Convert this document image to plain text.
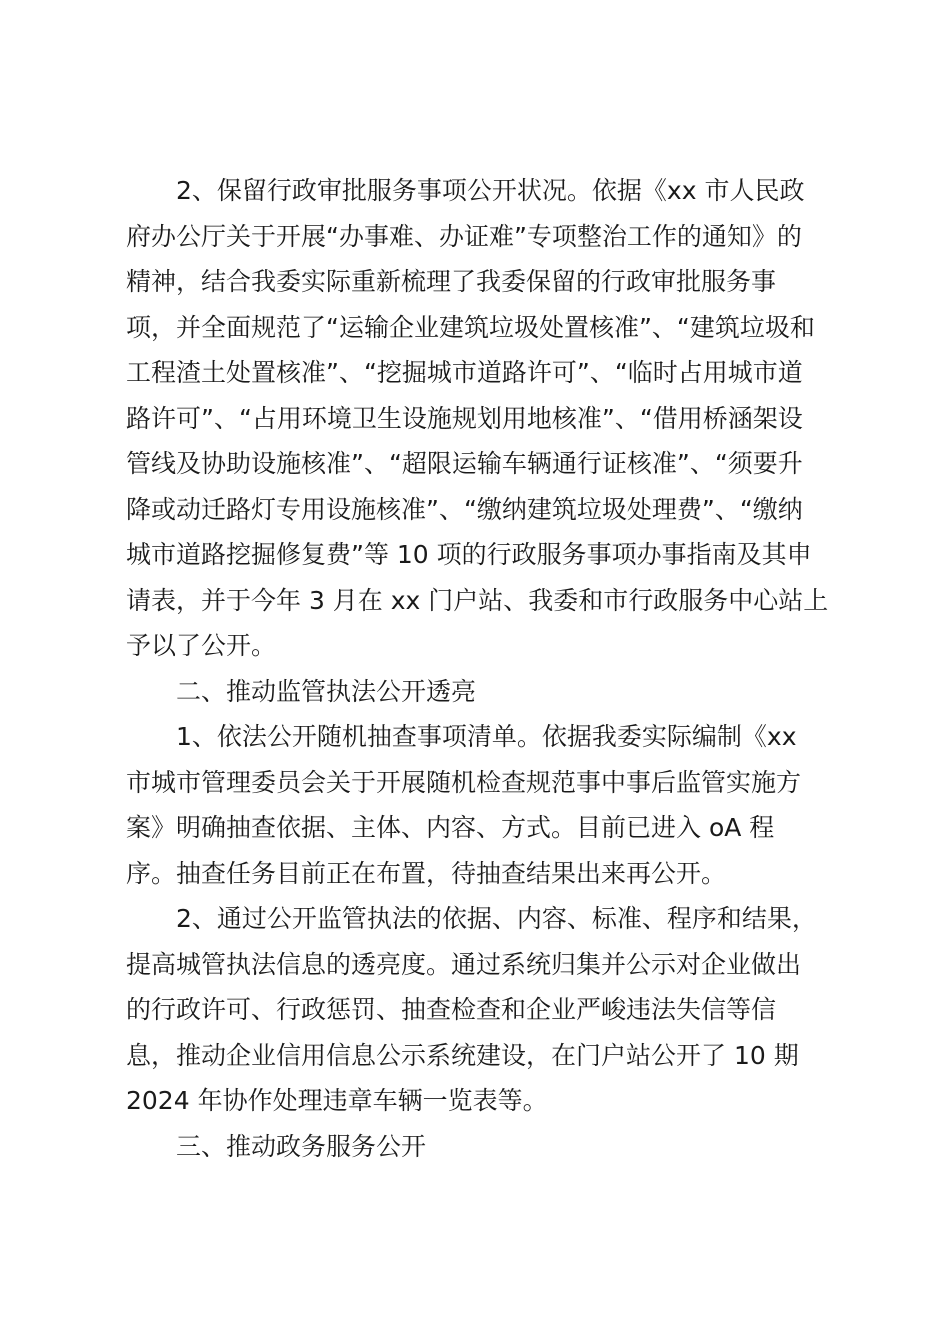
2、保留行政审批服务事项公开状况。依据《xx 市人民政
府办公厅关于开展“办事难、办证难”专项整治工作的通知》的
精神，结合我委实际重新梳理了我委保留的行政审批服务事
项，并全面规范了“运输企业建筑垃圾处置核准”、“建筑垃圾和
工程渣土处置核准”、“挖掘城市道路许可”、“临时占用城市道
路许可”、“占用环境卫生设施规划用地核准”、“借用桥涵架设
管线及协助设施核准”、“超限运输车辆通行证核准”、“须要升
降或动迁路灯专用设施核准”、“缴纳建筑垃圾处理费”、“缴纳
城市道路挖掘修复费”等 10 项的行政服务事项办事指南及其申
请表，并于今年 3 月在 xx 门户站、我委和市行政服务中心站上
予以了公开。
二、推动监管执法公开透亮
1、依法公开随机抽查事项清单。依据我委实际编制《xx
市城市管理委员会关于开展随机检查规范事中事后监管实施方
案》明确抽查依据、主体、内容、方式。目前已进入 oA 程
序。抽查任务目前正在布置，待抽查结果出来再公开。
2、通过公开监管执法的依据、内容、标准、程序和结果，
提高城管执法信息的透亮度。通过系统归集并公示对企业做出
的行政许可、行政惩罚、抽查检查和企业严峻违法失信等信
息，推动企业信用信息公示系统建设，在门户站公开了 10 期
2024 年协作处理违章车辆一览表等。
三、推动政务服务公开
